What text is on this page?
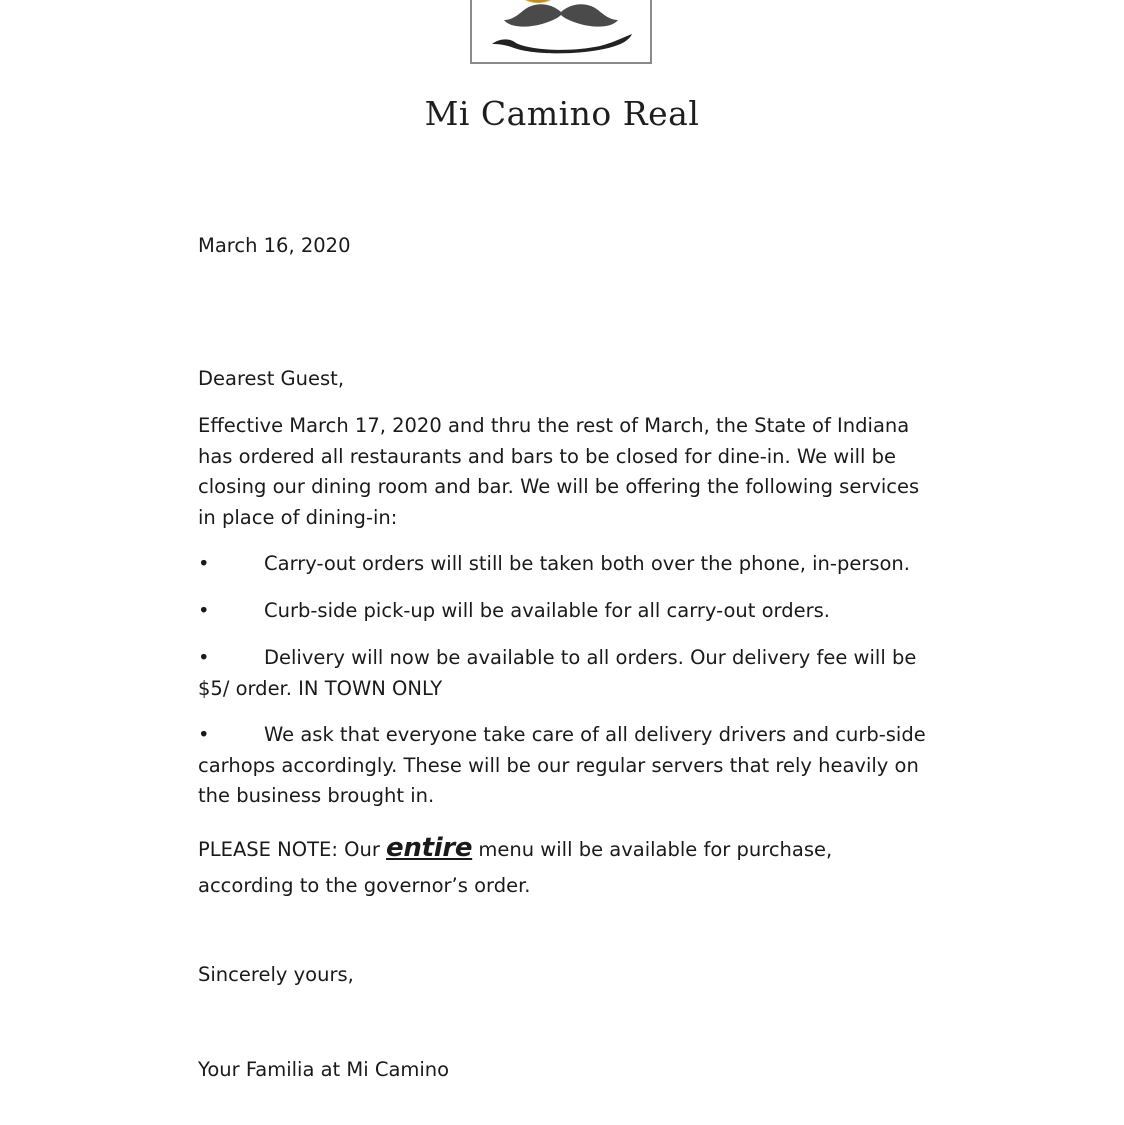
Mi Camino Real

March 16, 2020

Dearest Guest,

Effective March 17, 2020 and thru the rest of March, the State of Indiana has ordered all restaurants and bars to be closed for dine-in. We will be closing our dining room and bar. We will be offering the following services in place of dining-in:

•	Carry-out orders will still be taken both over the phone, in-person.

•	Curb-side pick-up will be available for all carry-out orders.

•	Delivery will now be available to all orders. Our delivery fee will be $5/ order. IN TOWN ONLY

•	We ask that everyone take care of all delivery drivers and curb-side carhops accordingly. These will be our regular servers that rely heavily on the business brought in.

PLEASE NOTE: Our entire menu will be available for purchase, according to the governor’s order.

Sincerely yours,

Your Familia at Mi Camino
